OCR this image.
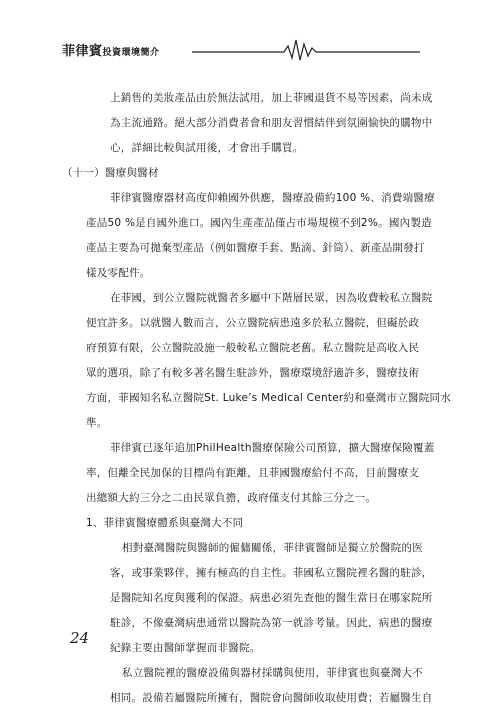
菲律賓投資環境簡介
上銷售的美妝產品由於無法試用，加上菲國退貨不易等因素，尚未成
為主流通路。絕大部分消費者會和朋友習慣結伴到氛圍愉快的購物中
心，詳細比較與試用後，才會出手購買。
（十一）醫療與醫材
菲律賓醫療器材高度仰賴國外供應，醫療設備約100 %、消費端醫療
產品50 %是自國外進口。國內生產產品僅占市場規模不到2%。國內製造
產品主要為可拋棄型產品（例如醫療手套、點滴、針筒）、新產品開發打
樣及零配件。
在菲國，到公立醫院就醫者多屬中下階層民眾，因為收費較私立醫院
便宜許多。以就醫人數而言，公立醫院病患遠多於私立醫院，但礙於政
府預算有限，公立醫院設施一般較私立醫院老舊。私立醫院是高收入民
眾的選項，除了有較多著名醫生駐診外，醫療環境舒適許多，醫療技術
方面，菲國知名私立醫院St. Luke’s Medical Center約和臺灣市立醫院同水
準。
菲律賓已逐年追加PhilHealth醫療保險公司預算，擴大醫療保險覆蓋
率，但離全民加保的目標尚有距離，且菲國醫療給付不高，目前醫療支
出總額大約三分之二由民眾負擔，政府僅支付其餘三分之一。
1、菲律賓醫療體系與臺灣大不同
相對臺灣醫院與醫師的僱傭關係，菲律賓醫師是獨立於醫院的医
客，或事業夥伴，擁有極高的自主性。菲國私立醫院裡名醫的駐診，
是醫院知名度與獲利的保證。病患必須先查他的醫生當日在哪家院所
駐診，不像臺灣病患通常以醫院為第一就診考量。因此，病患的醫療
紀錄主要由醫師掌握而非醫院。
私立醫院裡的醫療設備與器材採購與使用，菲律賓也與臺灣大不
相同。設備若屬醫院所擁有，醫院會向醫師收取使用費；若屬醫生自
24
